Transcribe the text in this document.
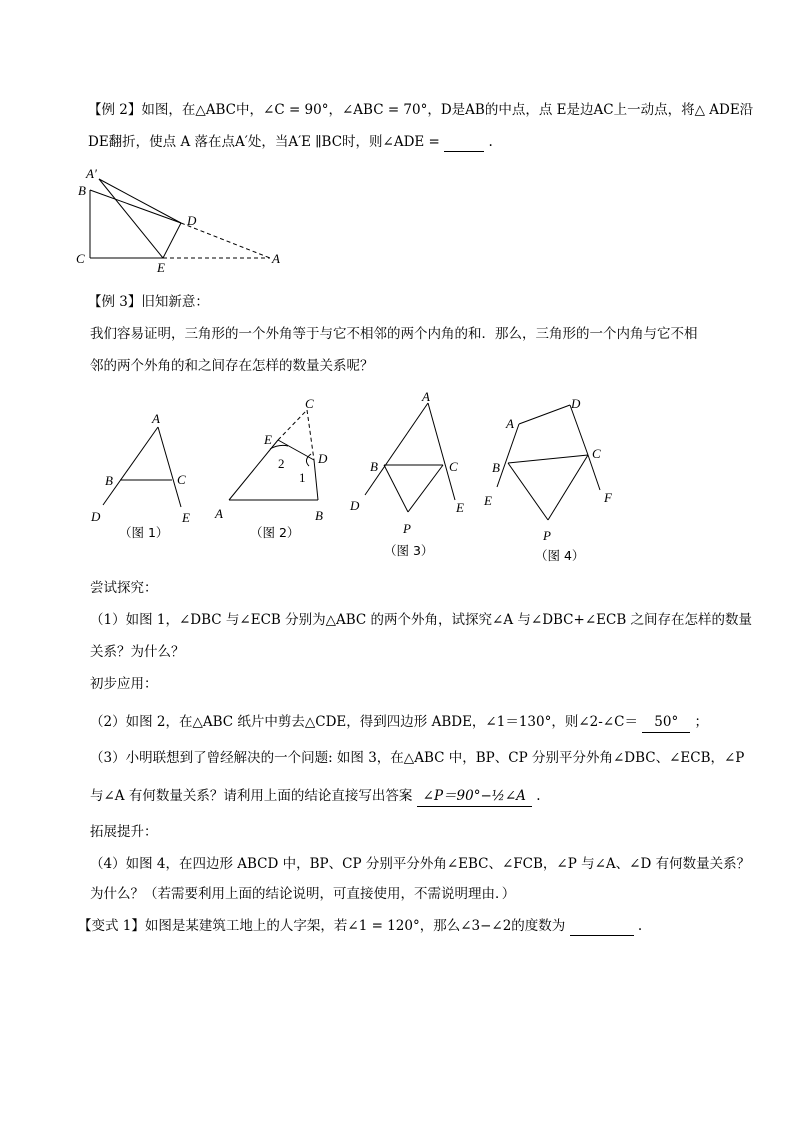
【例 2】如图，在△ABC中，∠C = 90°，∠ABC = 70°，D是AB的中点，点 E是边AC上一动点，将△ ADE沿
DE翻折，使点 A 落在点A′处，当A′E ∥BC时，则∠ADE =	.
A′
B
C
D
E
A
【例 3】旧知新意：
我们容易证明，三角形的一个外角等于与它不相邻的两个内角的和．那么，三角形的一个内角与它不相
邻的两个外角的和之间存在怎样的数量关系呢？
A
B	C
D	E
C
E
D
A	B
2
1
A
B	C
D	E
P
A
D
B
C
E	F
P
（图 1）	（图 2）
（图 3）	（图 4）
尝试探究：
（1）如图 1，∠DBC 与∠ECB 分别为△ABC 的两个外角，试探究∠A 与∠DBC+∠ECB 之间存在怎样的数量
关系？为什么？
初步应用：
（2）如图 2，在△ABC 纸片中剪去△CDE，得到四边形 ABDE，∠1＝130°，则∠2-∠C＝ 50° ；
（3）小明联想到了曾经解决的一个问题: 如图 3，在△ABC 中，BP、CP 分别平分外角∠DBC、∠ECB，∠P
与∠A 有何数量关系？请利用上面的结论直接写出答案 ∠P＝90°−½∠A .
拓展提升：
（4）如图 4，在四边形 ABCD 中，BP、CP 分别平分外角∠EBC、∠FCB，∠P 与∠A、∠D 有何数量关系？
为什么？（若需要利用上面的结论说明，可直接使用，不需说明理由．）
【变式 1】如图是某建筑工地上的人字架，若∠1 = 120°，那么∠3−∠2的度数为	.
